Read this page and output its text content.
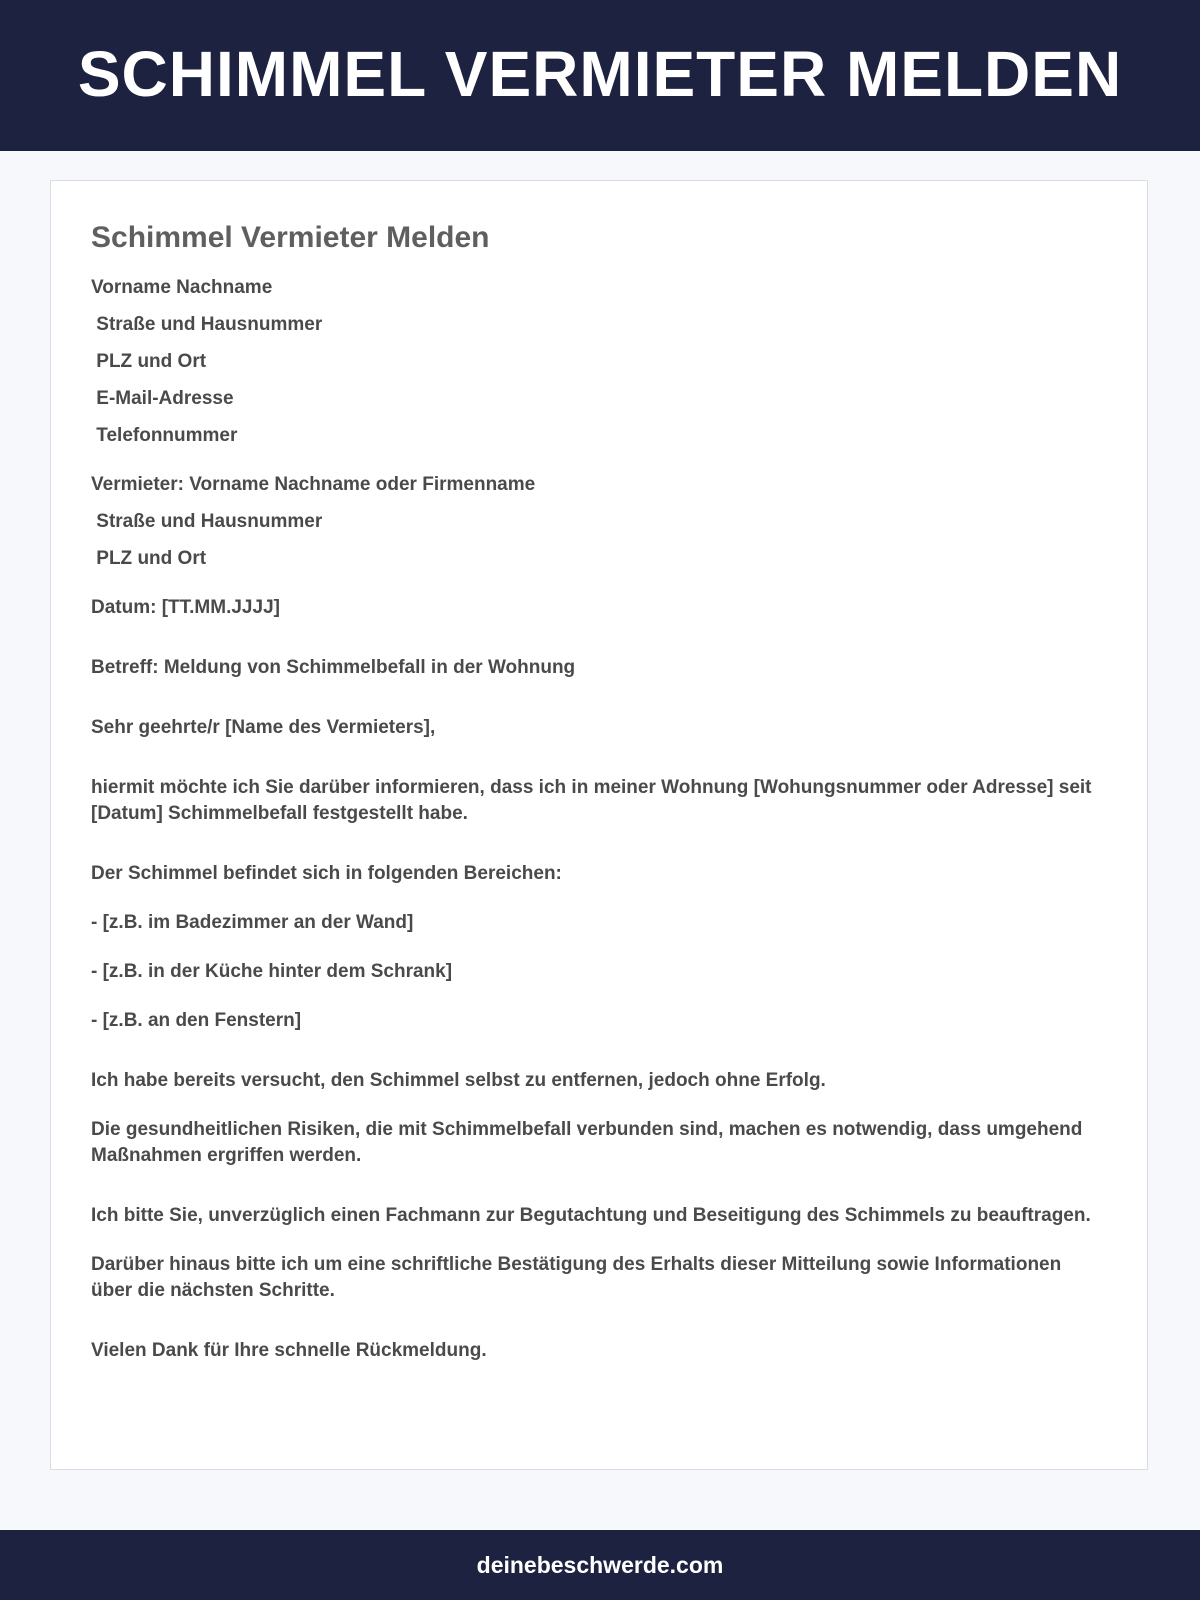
SCHIMMEL VERMIETER MELDEN
Schimmel Vermieter Melden
Vorname Nachname
Straße und Hausnummer
PLZ und Ort
E-Mail-Adresse
Telefonnummer
Vermieter: Vorname Nachname oder Firmenname
Straße und Hausnummer
PLZ und Ort

Datum: [TT.MM.JJJJ]

Betreff: Meldung von Schimmelbefall in der Wohnung

Sehr geehrte/r [Name des Vermieters],

hiermit möchte ich Sie darüber informieren, dass ich in meiner Wohnung [Wohungsnummer oder Adresse] seit [Datum] Schimmelbefall festgestellt habe.

Der Schimmel befindet sich in folgenden Bereichen:

- [z.B. im Badezimmer an der Wand]

- [z.B. in der Küche hinter dem Schrank]

- [z.B. an den Fenstern]

Ich habe bereits versucht, den Schimmel selbst zu entfernen, jedoch ohne Erfolg.

Die gesundheitlichen Risiken, die mit Schimmelbefall verbunden sind, machen es notwendig, dass umgehend Maßnahmen ergriffen werden.

Ich bitte Sie, unverzüglich einen Fachmann zur Begutachtung und Beseitigung des Schimmels zu beauftragen.

Darüber hinaus bitte ich um eine schriftliche Bestätigung des Erhalts dieser Mitteilung sowie Informationen über die nächsten Schritte.

Vielen Dank für Ihre schnelle Rückmeldung.

deinebeschwerde.com
